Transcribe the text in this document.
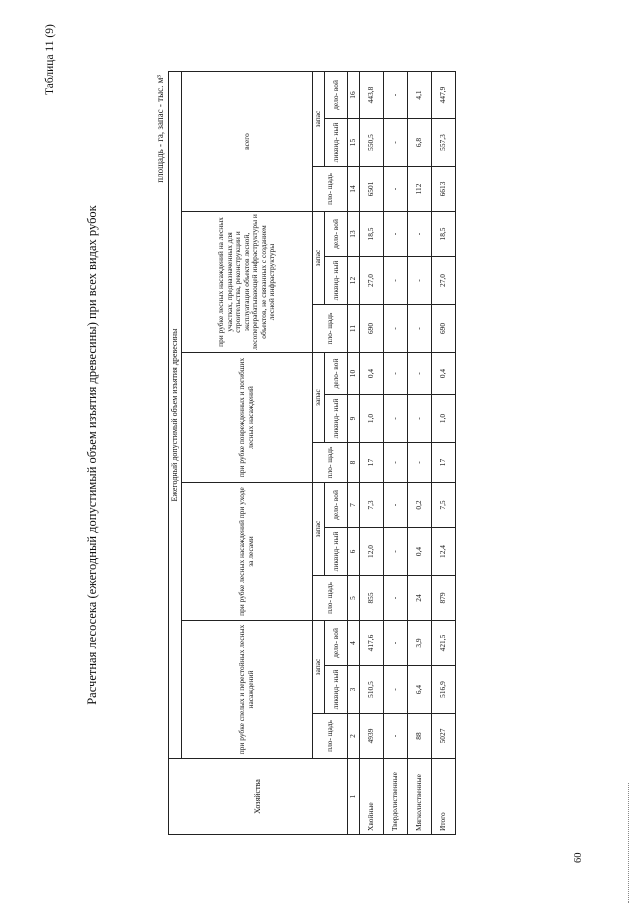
Таблица 11 (9)
Расчетная лесосека (ежегодный допустимый объем изъятия древесины) при всех видах рубок
площадь - га, запас - тыс. м³
Хозяйства	Ежегодный допустимый объем изъятия древесины														
	при рубке спелых и перестойных лесных насаждений			при рубке лесных насаждений при уходе за лесами			при рубке поврежденных и погибших лесных насаждений			при рубке лесных насаждений на лесных участках, предназначенных для строительства, реконструкции и эксплуатации объектов лесной, лесоперерабатывающей инфраструктуры и объектов, не связанных с созданием лесной инфраструктуры			всего		
	пло- щадь	запас		пло- щадь	запас		пло- щадь	запас		пло- щадь	запас		пло- щадь	запас	
		ликвид- ный	дело- вой		ликвид- ный	дело- вой		ликвид- ный	дело- вой		ликвид- ный	дело- вой		ликвид- ный	дело- вой
1	2	3	4	5	6	7	8	9	10	11	12	13	14	15	16
Хвойные	4939	510,5	417,6	855	12,0	7,3	17	1,0	0,4	690	27,0	18,5	6501	550,5	443,8
Твердолиственные	-	-	-	-	-	-	-	-	-	-	-	-	-	-	-
Мягколиственные	88	6,4	3,9	24	0,4	0,2	-	-	-	-	-	-	112	6,8	4,1
Итого	5027	516,9	421,5	879	12,4	7,5	17	1,0	0,4	690	27,0	18,5	6613	557,3	447,9
60
